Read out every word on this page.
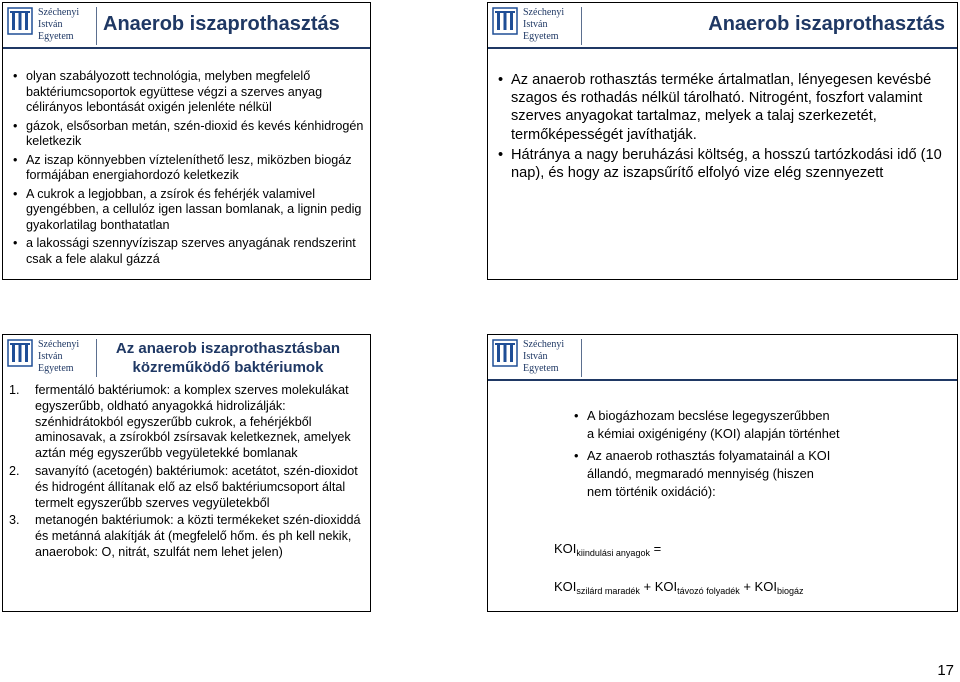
Széchenyi
István
Egyetem
Anaerob iszaprothasztás
• olyan szabályozott technológia, melyben megfelelő baktériumcsoportok együttese végzi a szerves anyag célirányos lebontását oxigén jelenléte nélkül
• gázok, elsősorban metán, szén-dioxid és kevés kénhidrogén keletkezik
• Az iszap könnyebben vízteleníthető lesz, miközben biogáz formájában energiahordozó keletkezik
• A cukrok a legjobban, a zsírok és fehérjék valamivel gyengébben, a cellulóz igen lassan bomlanak, a lignin pedig gyakorlatilag bonthatatlan
• a lakossági szennyvíziszap szerves anyagának rendszerint csak a fele alakul gázzá
Széchenyi
István
Egyetem
Anaerob iszaprothasztás
• Az anaerob rothasztás terméke ártalmatlan, lényegesen kevésbé szagos és rothadás nélkül tárolható. Nitrogént, foszfort valamint szerves anyagokat tartalmaz, melyek a talaj szerkezetét, termőképességét javíthatják.
• Hátránya a nagy beruházási költség, a hosszú tartózkodási idő (10 nap), és hogy az iszapsűrítő elfolyó vize elég szennyezett
Széchenyi
István
Egyetem
Az anaerob iszaprothasztásban
közreműködő baktériumok
1. fermentáló baktériumok: a komplex szerves molekulákat egyszerűbb, oldható anyagokká hidrolizálják: szénhidrátokból egyszerűbb cukrok, a fehérjékből aminosavak, a zsírokból zsírsavak keletkeznek, amelyek aztán még egyszerűbb vegyületekké bomlanak
2. savanyító (acetogén) baktériumok: acetátot, szén-dioxidot és hidrogént állítanak elő az első baktériumcsoport által termelt egyszerűbb szerves vegyületekből
3. metanogén baktériumok: a közti termékeket szén-dioxiddá és metánná alakítják át (megfelelő hőm. és ph kell nekik, anaerobok: O, nitrát, szulfát nem lehet jelen)
Széchenyi
István
Egyetem
• A biogázhozam becslése legegyszerűbben a kémiai oxigénigény (KOI) alapján történhet
• Az anaerob rothasztás folyamatainál a KOI állandó, megmaradó mennyiség (hiszen nem történik oxidáció):
$KOI_{kiindulási anyagok}$ =
$KOI_{szilárd maradék} + KOI_{távozó folyadék} + KOI_{biogáz}$
17
